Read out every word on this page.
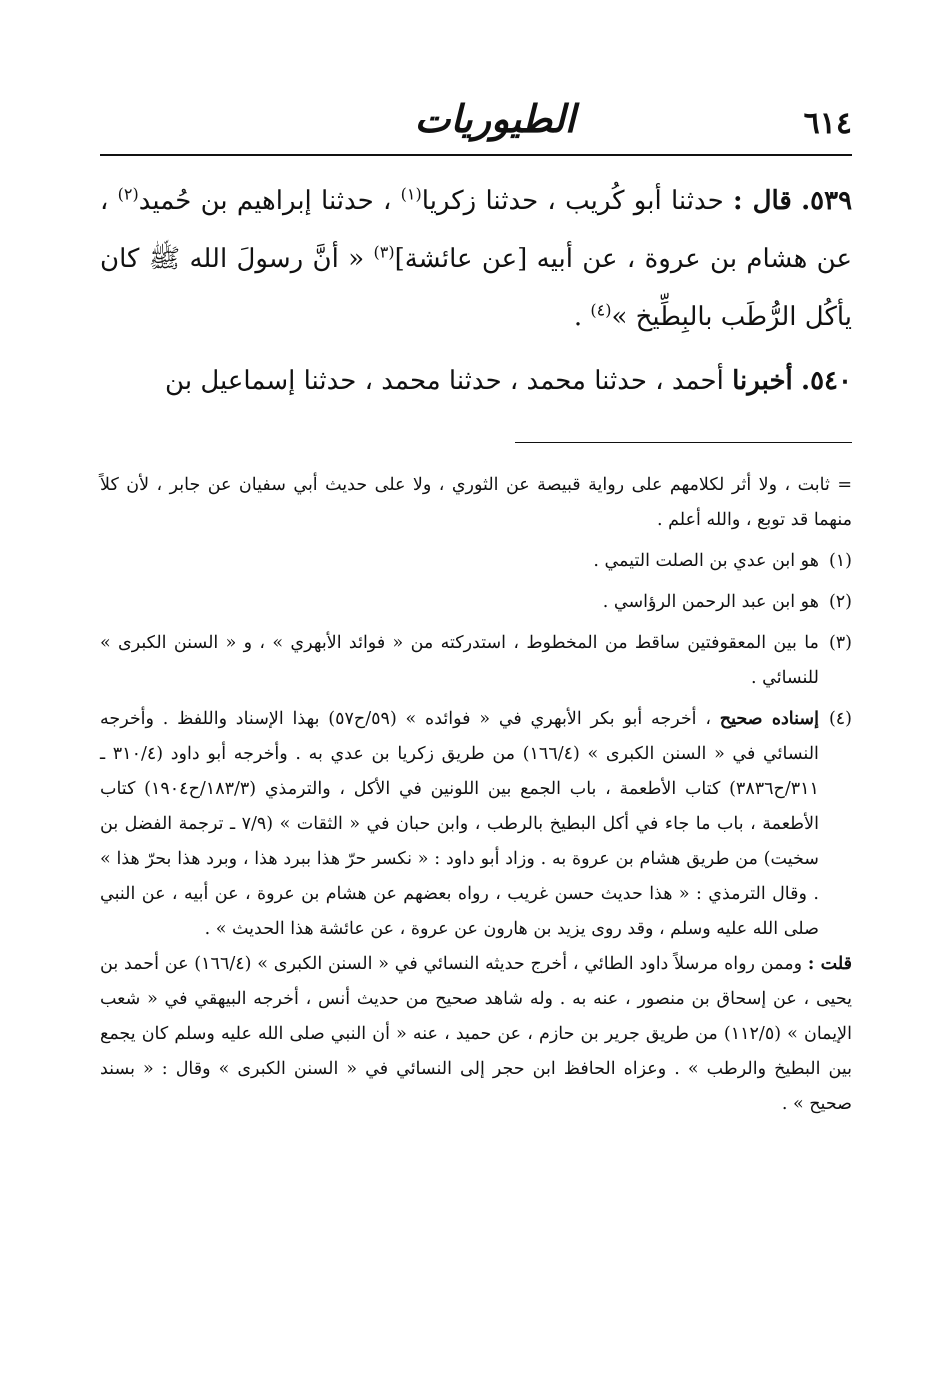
الطيوريات	٦١٤

٥٣٩. قال : حدثنا أبو كُريب ، حدثنا زكريا$^{(١)}$ ، حدثنا إبراهيم بن حُميد$^{(٢)}$ ، عن هشام بن عروة ، عن أبيه [عن عائشة]$^{(٣)}$ « أنَّ رسولَ الله ﷺ كان يأكُل الرُّطَب بالبِطِّيخ »$^{(٤)}$ .

٥٤٠. أخبرنا أحمد ، حدثنا محمد ، حدثنا محمد ، حدثنا إسماعيل بن

= ثابت ، ولا أثر لكلامهم على رواية قبيصة عن الثوري ، ولا على حديث أبي سفيان عن جابر ، لأن كلاً منهما قد توبع ، والله أعلم .

(١)
هو ابن عدي بن الصلت التيمي .
(٢)
هو ابن عبد الرحمن الرؤاسي .
(٣)
ما بين المعقوفتين ساقط من المخطوط ، استدركته من « فوائد الأبهري » ، و « السنن الكبرى » للنسائي .
(٤)
إسناده صحيح ، أخرجه أبو بكر الأبهري في « فوائده » (٥٩/ح٥٧) بهذا الإسناد واللفظ . وأخرجه النسائي في « السنن الكبرى » (١٦٦/٤) من طريق زكريا بن عدي به . وأخرجه أبو داود (٣١٠/٤ ـ ٣١١/ح٣٨٣٦) كتاب الأطعمة ، باب الجمع بين اللونين في الأكل ، والترمذي (١٨٣/٣/ح١٩٠٤) كتاب الأطعمة ، باب ما جاء في أكل البطيخ بالرطب ، وابن حبان في « الثقات » (٧/٩ ـ ترجمة الفضل بن سخيت) من طريق هشام بن عروة به . وزاد أبو داود : « نكسر حرّ هذا ببرد هذا ، وبرد هذا بحرّ هذا » . وقال الترمذي : « هذا حديث حسن غريب ، رواه بعضهم عن هشام بن عروة ، عن أبيه ، عن النبي صلى الله عليه وسلم ، وقد روى يزيد بن هارون عن عروة ، عن عائشة هذا الحديث » .

قلت : وممن رواه مرسلاً داود الطائي ، أخرج حديثه النسائي في « السنن الكبرى » (١٦٦/٤) عن أحمد بن يحيى ، عن إسحاق بن منصور ، عنه به . وله شاهد صحيح من حديث أنس ، أخرجه البيهقي في « شعب الإيمان » (١١٢/٥) من طريق جرير بن حازم ، عن حميد ، عنه « أن النبي صلى الله عليه وسلم كان يجمع بين البطيخ والرطب » . وعزاه الحافظ ابن حجر إلى النسائي في « السنن الكبرى » وقال : « بسند صحيح » .
